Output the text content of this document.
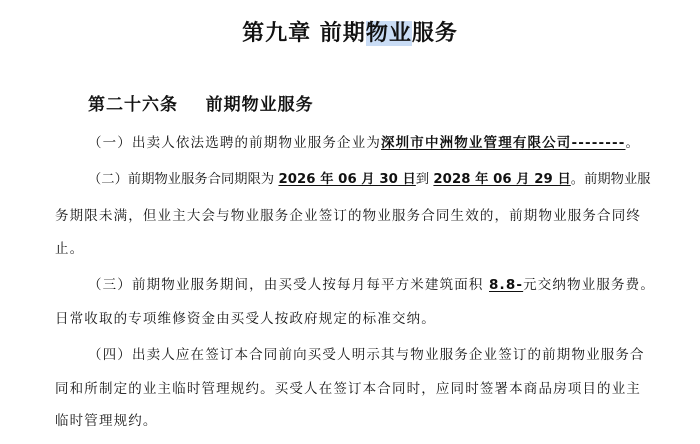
第九章 前期物业服务
第二十六条    前期物业服务
（一）出卖人依法选聘的前期物业服务企业为深圳市中洲物业管理有限公司--------。
（二）前期物业服务合同期限为 2026 年 06 月 30 日到 2028 年 06 月 29 日。前期物业服
务期限未满，但业主大会与物业服务企业签订的物业服务合同生效的，前期物业服务合同终
止。
（三）前期物业服务期间，由买受人按每月每平方米建筑面积 8.8-元交纳物业服务费。
日常收取的专项维修资金由买受人按政府规定的标准交纳。
（四）出卖人应在签订本合同前向买受人明示其与物业服务企业签订的前期物业服务合
同和所制定的业主临时管理规约。买受人在签订本合同时，应同时签署本商品房项目的业主
临时管理规约。
